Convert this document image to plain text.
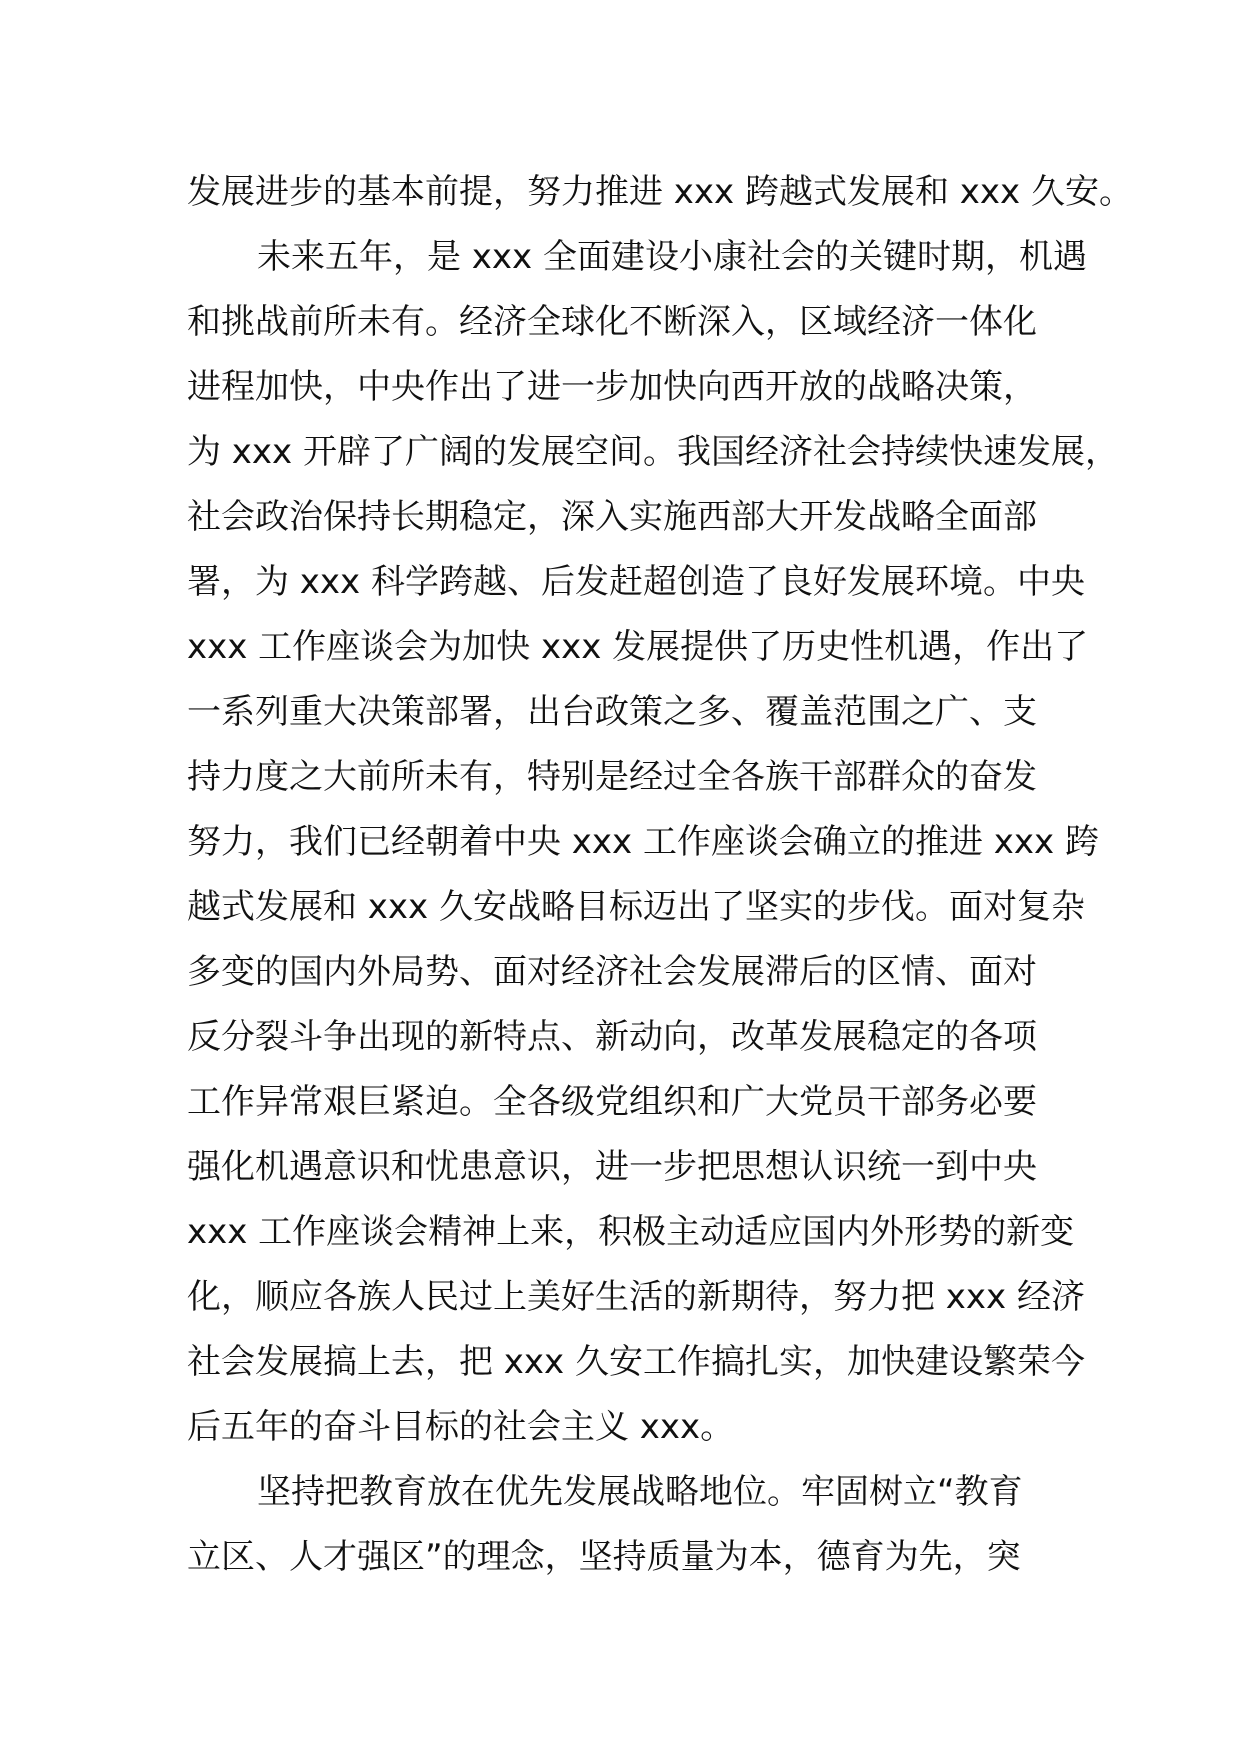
发展进步的基本前提，努力推进 xxx 跨越式发展和 xxx 久安。
未来五年，是 xxx 全面建设小康社会的关键时期，机遇
和挑战前所未有。经济全球化不断深入，区域经济一体化
进程加快，中央作出了进一步加快向西开放的战略决策，
为 xxx 开辟了广阔的发展空间。我国经济社会持续快速发展，
社会政治保持长期稳定，深入实施西部大开发战略全面部
署，为 xxx 科学跨越、后发赶超创造了良好发展环境。中央
xxx 工作座谈会为加快 xxx 发展提供了历史性机遇，作出了
一系列重大决策部署，出台政策之多、覆盖范围之广、支
持力度之大前所未有，特别是经过全各族干部群众的奋发
努力，我们已经朝着中央 xxx 工作座谈会确立的推进 xxx 跨
越式发展和 xxx 久安战略目标迈出了坚实的步伐。面对复杂
多变的国内外局势、面对经济社会发展滞后的区情、面对
反分裂斗争出现的新特点、新动向，改革发展稳定的各项
工作异常艰巨紧迫。全各级党组织和广大党员干部务必要
强化机遇意识和忧患意识，进一步把思想认识统一到中央
xxx 工作座谈会精神上来，积极主动适应国内外形势的新变
化，顺应各族人民过上美好生活的新期待，努力把 xxx 经济
社会发展搞上去，把 xxx 久安工作搞扎实，加快建设繁荣今
后五年的奋斗目标的社会主义 xxx。
坚持把教育放在优先发展战略地位。牢固树立“教育
立区、人才强区”的理念，坚持质量为本，德育为先，突
